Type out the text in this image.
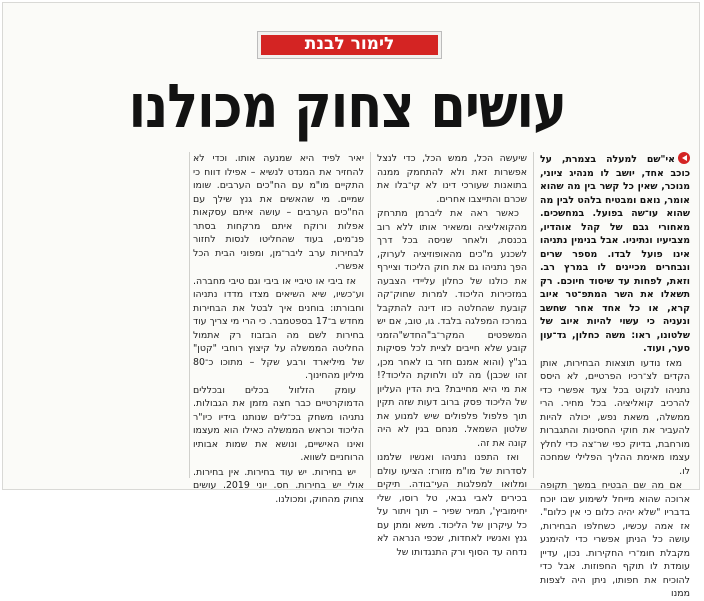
לימור לבנת
עושים צחוק מכולנו

אי"שם למעלה בצמרת, על כוכב אחד, יושב לו מנהיג ציוני, מנוכר, שאין כל קשר בין מה שהוא אומר, נואם ומבטיח בלהט לבין מה שהוא עו־שה בפועל. במחשכים. מאחורי גבם של קהל אוהדיו, מצביעיו ונתיניו. אבל בנימין נתניהו אינו פועל לבדו. מספר שרים ונבחרים מכיינים לו במרץ רב. וזאת, לפחות עד שיסוד חיוכם. רק תשאלו את השר המתפ־טר איוב קרא, או כל אחד אחר שחשב ונעניה כי עשוי להיות איוב של שלטונו, ראו: משה כחלון, גד־עון סער, ועוד.

מאז נודעו תוצאות הבחירות, אותן הקדים לצ־רכיו הפרטיים, לא היסס נתניהו לנקוט בכל צעד אפשרי כדי להרכיב קואליציה. בכל מחיר. הרי ממשלה, משאת נפש, יכולה להיות להעביר את חוקי החסינות והתגברות מורחבת, בדיוק כפי שר־צה כדי לחלץ עצמו מאימת ההליך הפלילי שמחכה לו.

אם מה שם הבטיח במשך תקופה ארוכה שהוא מייחל לשימוע שבו יוכח בדבריו "שלא יהיה כלום כי אין כלום". אז אמה עכשיו, כשחלפו הבחירות, עושה כל הניתן אפשרי כדי להימנע מקבלת חומ־רי החקירות. נכון, עדיין עומדת לו תוקף החפוזות. אבל כדי להוכיח את חפותו, ניתן היה לצפות ממנו

שיעשה הכל, ממש הכל, כדי לנצל אפשרות זאת ולא להתחמק ממנה בתואנות שעורכי דינו לא קי־בלו את שכרם והתייצבו אחרים.

כאשר ראה את ליברמן מתרחק מהקואליציה ומשאיר אותו ללא רוב בכנסת, ולאחר שניסה בכל דרך לשכנע מ"כים מהאופוזיציה לערוק, הפך נתניהו גם את חוק הליכוד וציירף את כולנו של כחלון עליידי הצבעה במזכירות הליכוד. למרות שחוק־קה קובעת שהחלטה כזו דינה להתקבל במרכז המפלגה בלבד. גו, טוב, אם יש המשפטים המקר־ב"החדש"הזמני קובע שלא חייבים לציית לכל פסיקות בג"ץ (והוא אמנם חזר בו לאחר מכן, זהו שכבן) מה לנו ולחוקת הליכוד?! את מי היא מחייבת? בית הדין העליון של הליכוד פסק ברוב דעות שזה תקין תוך פלפול פלפולים שיש למנוע את שלטון השמאל. מנחם בגין לא היה קונה את זה.

ואז התפנו נתניהו ואנשיו שלמנו לסדרות של מו"מ מזורז: הציעו עולם ומלואו למפלגות העי־בודה. תיקים בכירים לאבי גבאי, טל רוסו, שלי יחימוביץ', תמיר שפיר – תוך ויתור על כל עיקרון של הליכוד. משא ומתן עם גנץ ואנשיו לאחדות, שכפי הנראה לא נדחה עד הסוף ורק התנגדותו של

יאיר לפיד היא שמנעה אותו. וכדי לא להחזיר את המנדט לנשיא – אפילו דווח כי התקיים מו"מ עם הח"כים הערבים. שומו שמיים. מי שהאשים את גנץ שילך עם הח"כים הערבים – עושה איתם עסקאות אפלות ורוקח איתם מרקחות בסתר פנ־מים, בעוד שהחליטו לנסות לחזור לבחירות ערב ליבר־מן, ומפוני הבית הכל אפשרי.

אז ביבי או טיביי או ביבי וגם טיבי מחברה. וע־כשיו, שיא השיאים מצדו מדדו נתניהו וחבורתו: בוחנים איך לבטל את הבחירות מחדש ב־17 בספטמבר. כי הרי מי צריך עוד בחירות לשם מה הבזבוז רק אתמול החליטה הממשלה על קיצוץ רוחבי "קטן" של מיליארד ורבע שקל – מתוכו כ־80 מיליון מהחינוך.

עומק הזלזול בכלים ובכללים הדמוקרטיים כבר חצה מזמן את הגבולות. נתניהו משחק בכ־לים שנותנו בידיו כיו"ר הליכוד וכראש הממשלה כאילו הוא מעצמו ואינו האישיים, ונושא את שמות אבותיו הרוחניים לשווא.

יש בחירות. יש עוד בחירות. אין בחירות. אולי יש בחירות. חס. יוני 2019. עושים צחוק מהחוק, ומכולנו.
